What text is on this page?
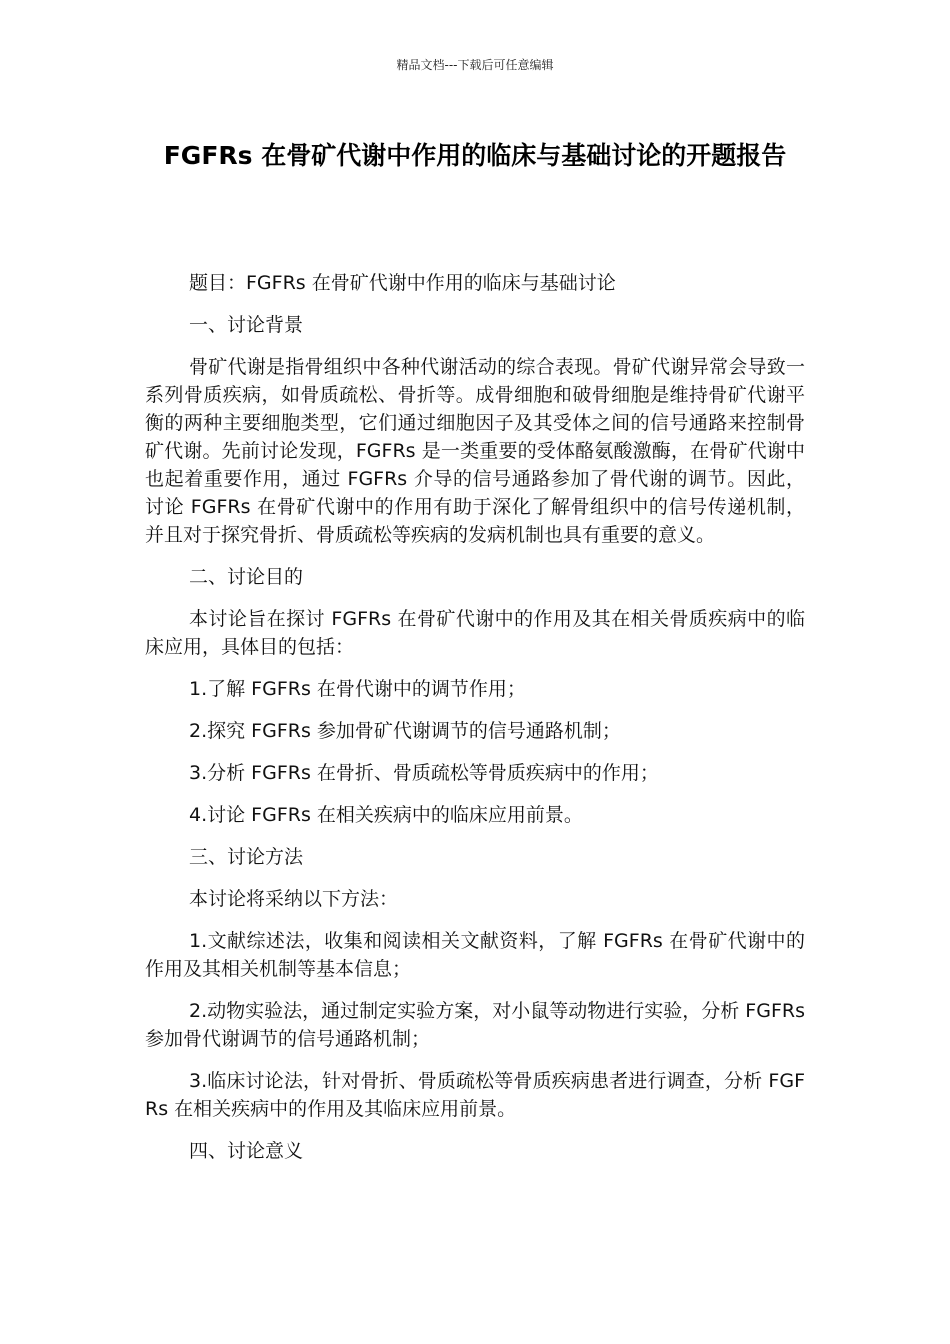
精品文档---下载后可任意编辑
FGFRs 在骨矿代谢中作用的临床与基础讨论的开题报告

题目：FGFRs 在骨矿代谢中作用的临床与基础讨论

一、讨论背景

骨矿代谢是指骨组织中各种代谢活动的综合表现。骨矿代谢异常会导致一系列骨质疾病，如骨质疏松、骨折等。成骨细胞和破骨细胞是维持骨矿代谢平衡的两种主要细胞类型，它们通过细胞因子及其受体之间的信号通路来控制骨矿代谢。先前讨论发现，FGFRs 是一类重要的受体酪氨酸激酶，在骨矿代谢中也起着重要作用，通过 FGFRs 介导的信号通路参加了骨代谢的调节。因此，讨论 FGFRs 在骨矿代谢中的作用有助于深化了解骨组织中的信号传递机制，并且对于探究骨折、骨质疏松等疾病的发病机制也具有重要的意义。

二、讨论目的

本讨论旨在探讨 FGFRs 在骨矿代谢中的作用及其在相关骨质疾病中的临床应用，具体目的包括：

1.了解 FGFRs 在骨代谢中的调节作用；

2.探究 FGFRs 参加骨矿代谢调节的信号通路机制；

3.分析 FGFRs 在骨折、骨质疏松等骨质疾病中的作用；

4.讨论 FGFRs 在相关疾病中的临床应用前景。

三、讨论方法

本讨论将采纳以下方法：

1.文献综述法，收集和阅读相关文献资料，了解 FGFRs 在骨矿代谢中的作用及其相关机制等基本信息；

2.动物实验法，通过制定实验方案，对小鼠等动物进行实验，分析 FGFRs 参加骨代谢调节的信号通路机制；

3.临床讨论法，针对骨折、骨质疏松等骨质疾病患者进行调查，分析 FGFRs 在相关疾病中的作用及其临床应用前景。

四、讨论意义
